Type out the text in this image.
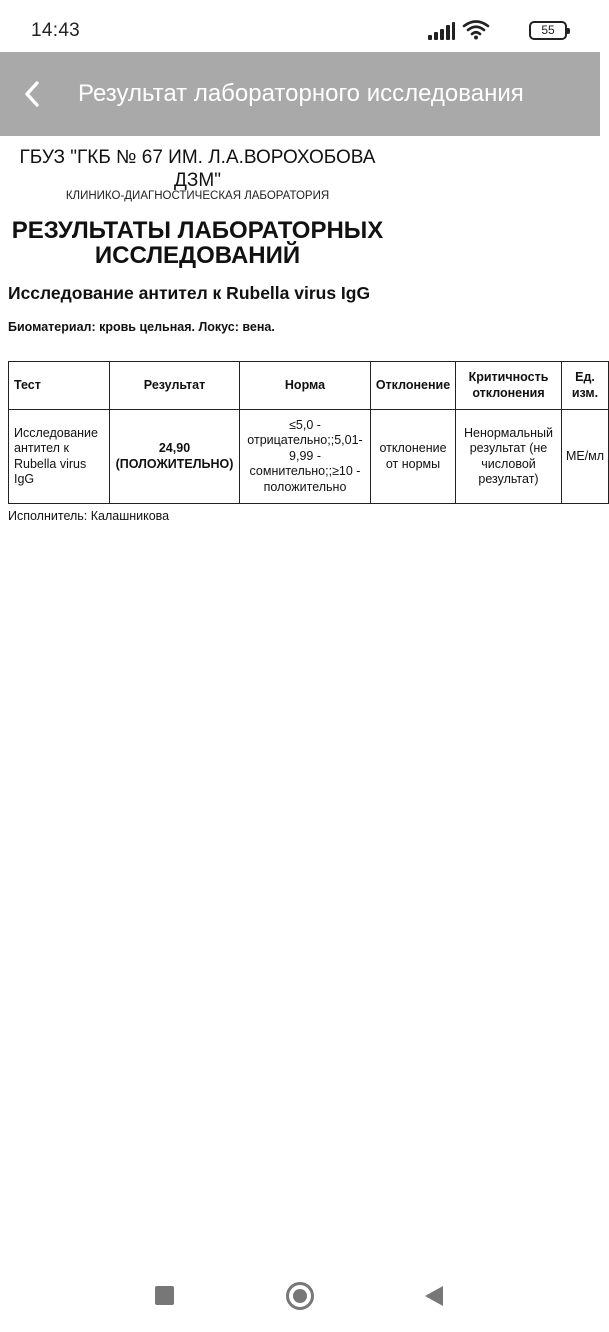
14:43	55
Результат лабораторного исследования
ГБУЗ "ГКБ № 67 ИМ. Л.А.ВОРОХОБОВА ДЗМ"
КЛИНИКО-ДИАГНОСТИЧЕСКАЯ ЛАБОРАТОРИЯ
РЕЗУЛЬТАТЫ ЛАБОРАТОРНЫХ ИССЛЕДОВАНИЙ
Исследование антител к Rubella virus IgG
Биоматериал: кровь цельная. Локус: вена.
Тест	Результат	Норма	Отклонение	Критичность отклонения	Ед. изм.
Исследование антител к Rubella virus IgG	24,90 (ПОЛОЖИТЕЛЬНО)	≤5,0 - отрицательно;;5,01-9,99 - сомнительно;;≥10 - положительно	отклонение от нормы	Ненормальный результат (не числовой результат)	МЕ/мл
Исполнитель: Калашникова
